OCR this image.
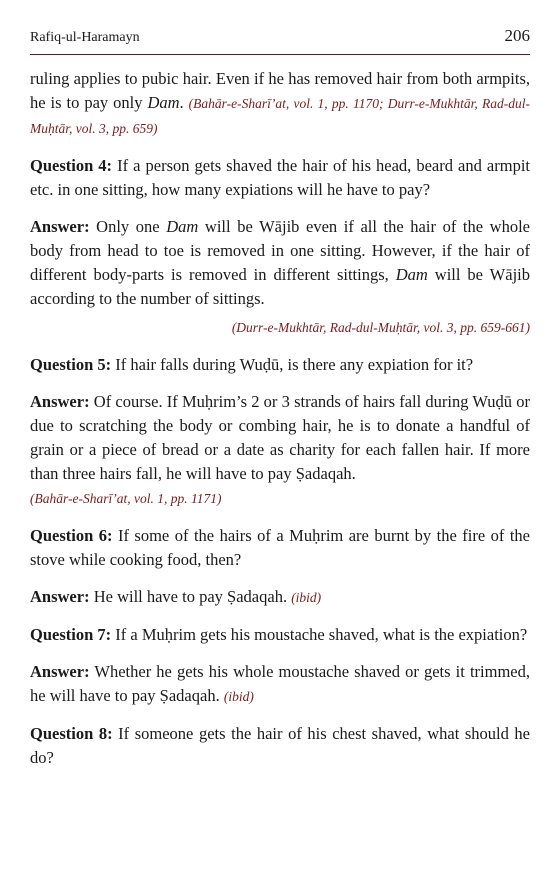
Rafiq-ul-Haramayn	206

ruling applies to pubic hair. Even if he has removed hair from both armpits, he is to pay only Dam. (Bahār-e-Sharī’at, vol. 1, pp. 1170; Durr-e-Mukhtār, Rad-dul-Muḥtār, vol. 3, pp. 659)

Question 4: If a person gets shaved the hair of his head, beard and armpit etc. in one sitting, how many expiations will he have to pay?

Answer: Only one Dam will be Wājib even if all the hair of the whole body from head to toe is removed in one sitting. However, if the hair of different body-parts is removed in different sittings, Dam will be Wājib according to the number of sittings.

(Durr-e-Mukhtār, Rad-dul-Muḥtār, vol. 3, pp. 659-661)

Question 5: If hair falls during Wuḍū, is there any expiation for it?

Answer: Of course. If Muḥrim’s 2 or 3 strands of hairs fall during Wuḍū or due to scratching the body or combing hair, he is to donate a handful of grain or a piece of bread or a date as charity for each fallen hair. If more than three hairs fall, he will have to pay Ṣadaqah.

(Bahār-e-Sharī’at, vol. 1, pp. 1171)

Question 6: If some of the hairs of a Muḥrim are burnt by the fire of the stove while cooking food, then?

Answer: He will have to pay Ṣadaqah. (ibid)

Question 7: If a Muḥrim gets his moustache shaved, what is the expiation?

Answer: Whether he gets his whole moustache shaved or gets it trimmed, he will have to pay Ṣadaqah. (ibid)

Question 8: If someone gets the hair of his chest shaved, what should he do?
